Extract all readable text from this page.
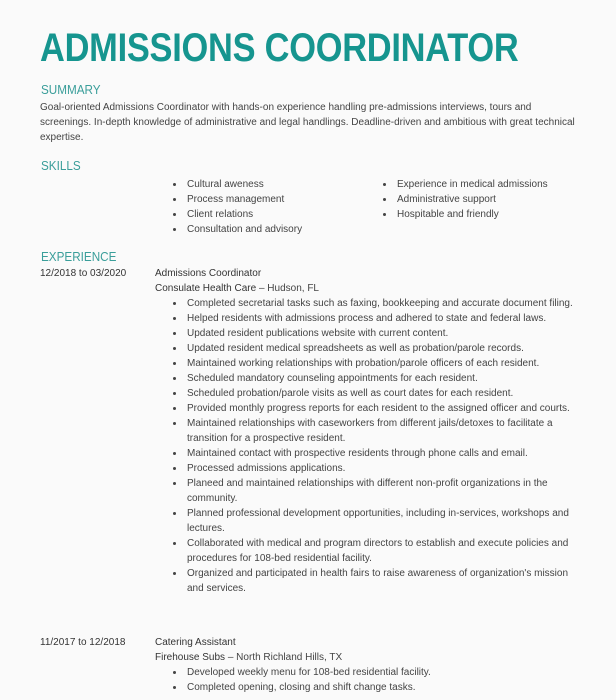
ADMISSIONS COORDINATOR
SUMMARY
Goal-oriented Admissions Coordinator with hands-on experience handling pre-admissions interviews, tours and screenings. In-depth knowledge of administrative and legal handlings. Deadline-driven and ambitious with great technical expertise.
SKILLS
Cultural aweness
Process management
Client relations
Consultation and advisory
Experience in medical admissions
Administrative support
Hospitable and friendly
EXPERIENCE
12/2018 to 03/2020	Admissions Coordinator
Consulate Health Care – Hudson, FL
Completed secretarial tasks such as faxing, bookkeeping and accurate document filing.
Helped residents with admissions process and adhered to state and federal laws.
Updated resident publications website with current content.
Updated resident medical spreadsheets as well as probation/parole records.
Maintained working relationships with probation/parole officers of each resident.
Scheduled mandatory counseling appointments for each resident.
Scheduled probation/parole visits as well as court dates for each resident.
Provided monthly progress reports for each resident to the assigned officer and courts.
Maintained relationships with caseworkers from different jails/detoxes to facilitate a transition for a prospective resident.
Maintained contact with prospective residents through phone calls and email.
Processed admissions applications.
Planeed and maintained relationships with different non-profit organizations in the community.
Planned professional development opportunities, including in-services, workshops and lectures.
Collaborated with medical and program directors to establish and execute policies and procedures for 108-bed residential facility.
Organized and participated in health fairs to raise awareness of organization's mission and services.
11/2017 to 12/2018	Catering Assistant
Firehouse Subs – North Richland Hills, TX
Developed weekly menu for 108-bed residential facility.
Completed opening, closing and shift change tasks.
